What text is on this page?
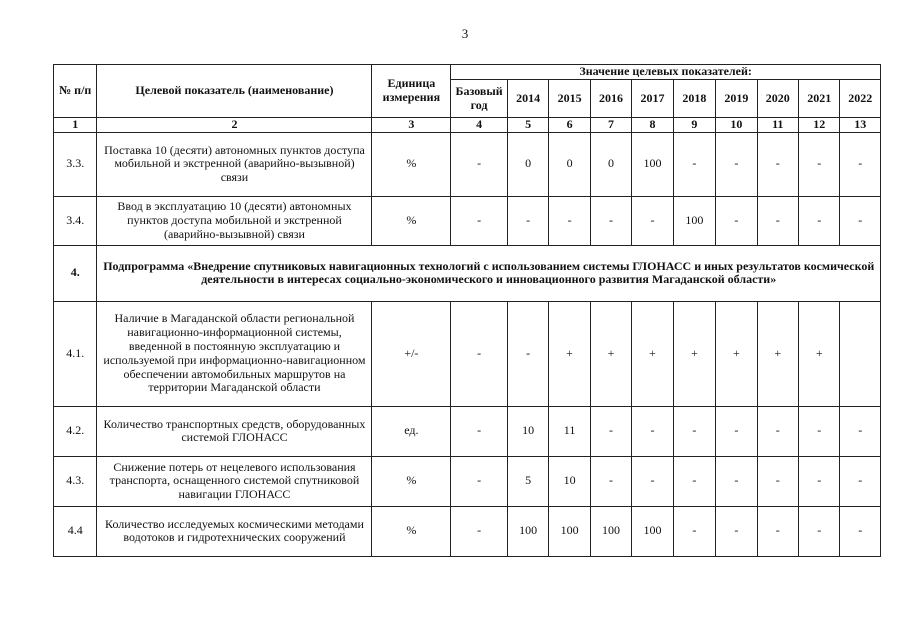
3
№ п/п	Целевой показатель (наименование)	Единица измерения	Значение целевых показателей:									
			Базовый год	2014	2015	2016	2017	2018	2019	2020	2021	2022
1	2	3	4	5	6	7	8	9	10	11	12	13
3.3.	Поставка 10 (десяти) автономных пунктов доступа мобильной и экстренной (аварийно-вызывной) связи	%	-	0	0	0	100	-	-	-	-	-
3.4.	Ввод в эксплуатацию 10 (десяти) автономных пунктов доступа мобильной и экстренной (аварийно-вызывной) связи	%	-	-	-	-	-	100	-	-	-	-
4.	Подпрограмма «Внедрение спутниковых навигационных технологий с использованием системы ГЛОНАСС и иных результатов космической деятельности в интересах социально-экономического и инновационного развития Магаданской области»											
4.1.	Наличие в Магаданской области региональной навигационно-информационной системы, введенной в постоянную эксплуатацию и используемой при информационно-навигационном обеспечении автомобильных маршрутов на территории Магаданской области	+/-	-	-	+	+	+	+	+	+	+	
4.2.	Количество транспортных средств, оборудованных системой ГЛОНАСС	ед.	-	10	11	-	-	-	-	-	-	-
4.3.	Снижение потерь от нецелевого использования транспорта, оснащенного системой спутниковой навигации ГЛОНАСС	%	-	5	10	-	-	-	-	-	-	-
4.4	Количество исследуемых космическими методами водотоков и гидротехнических сооружений	%	-	100	100	100	100	-	-	-	-	-
